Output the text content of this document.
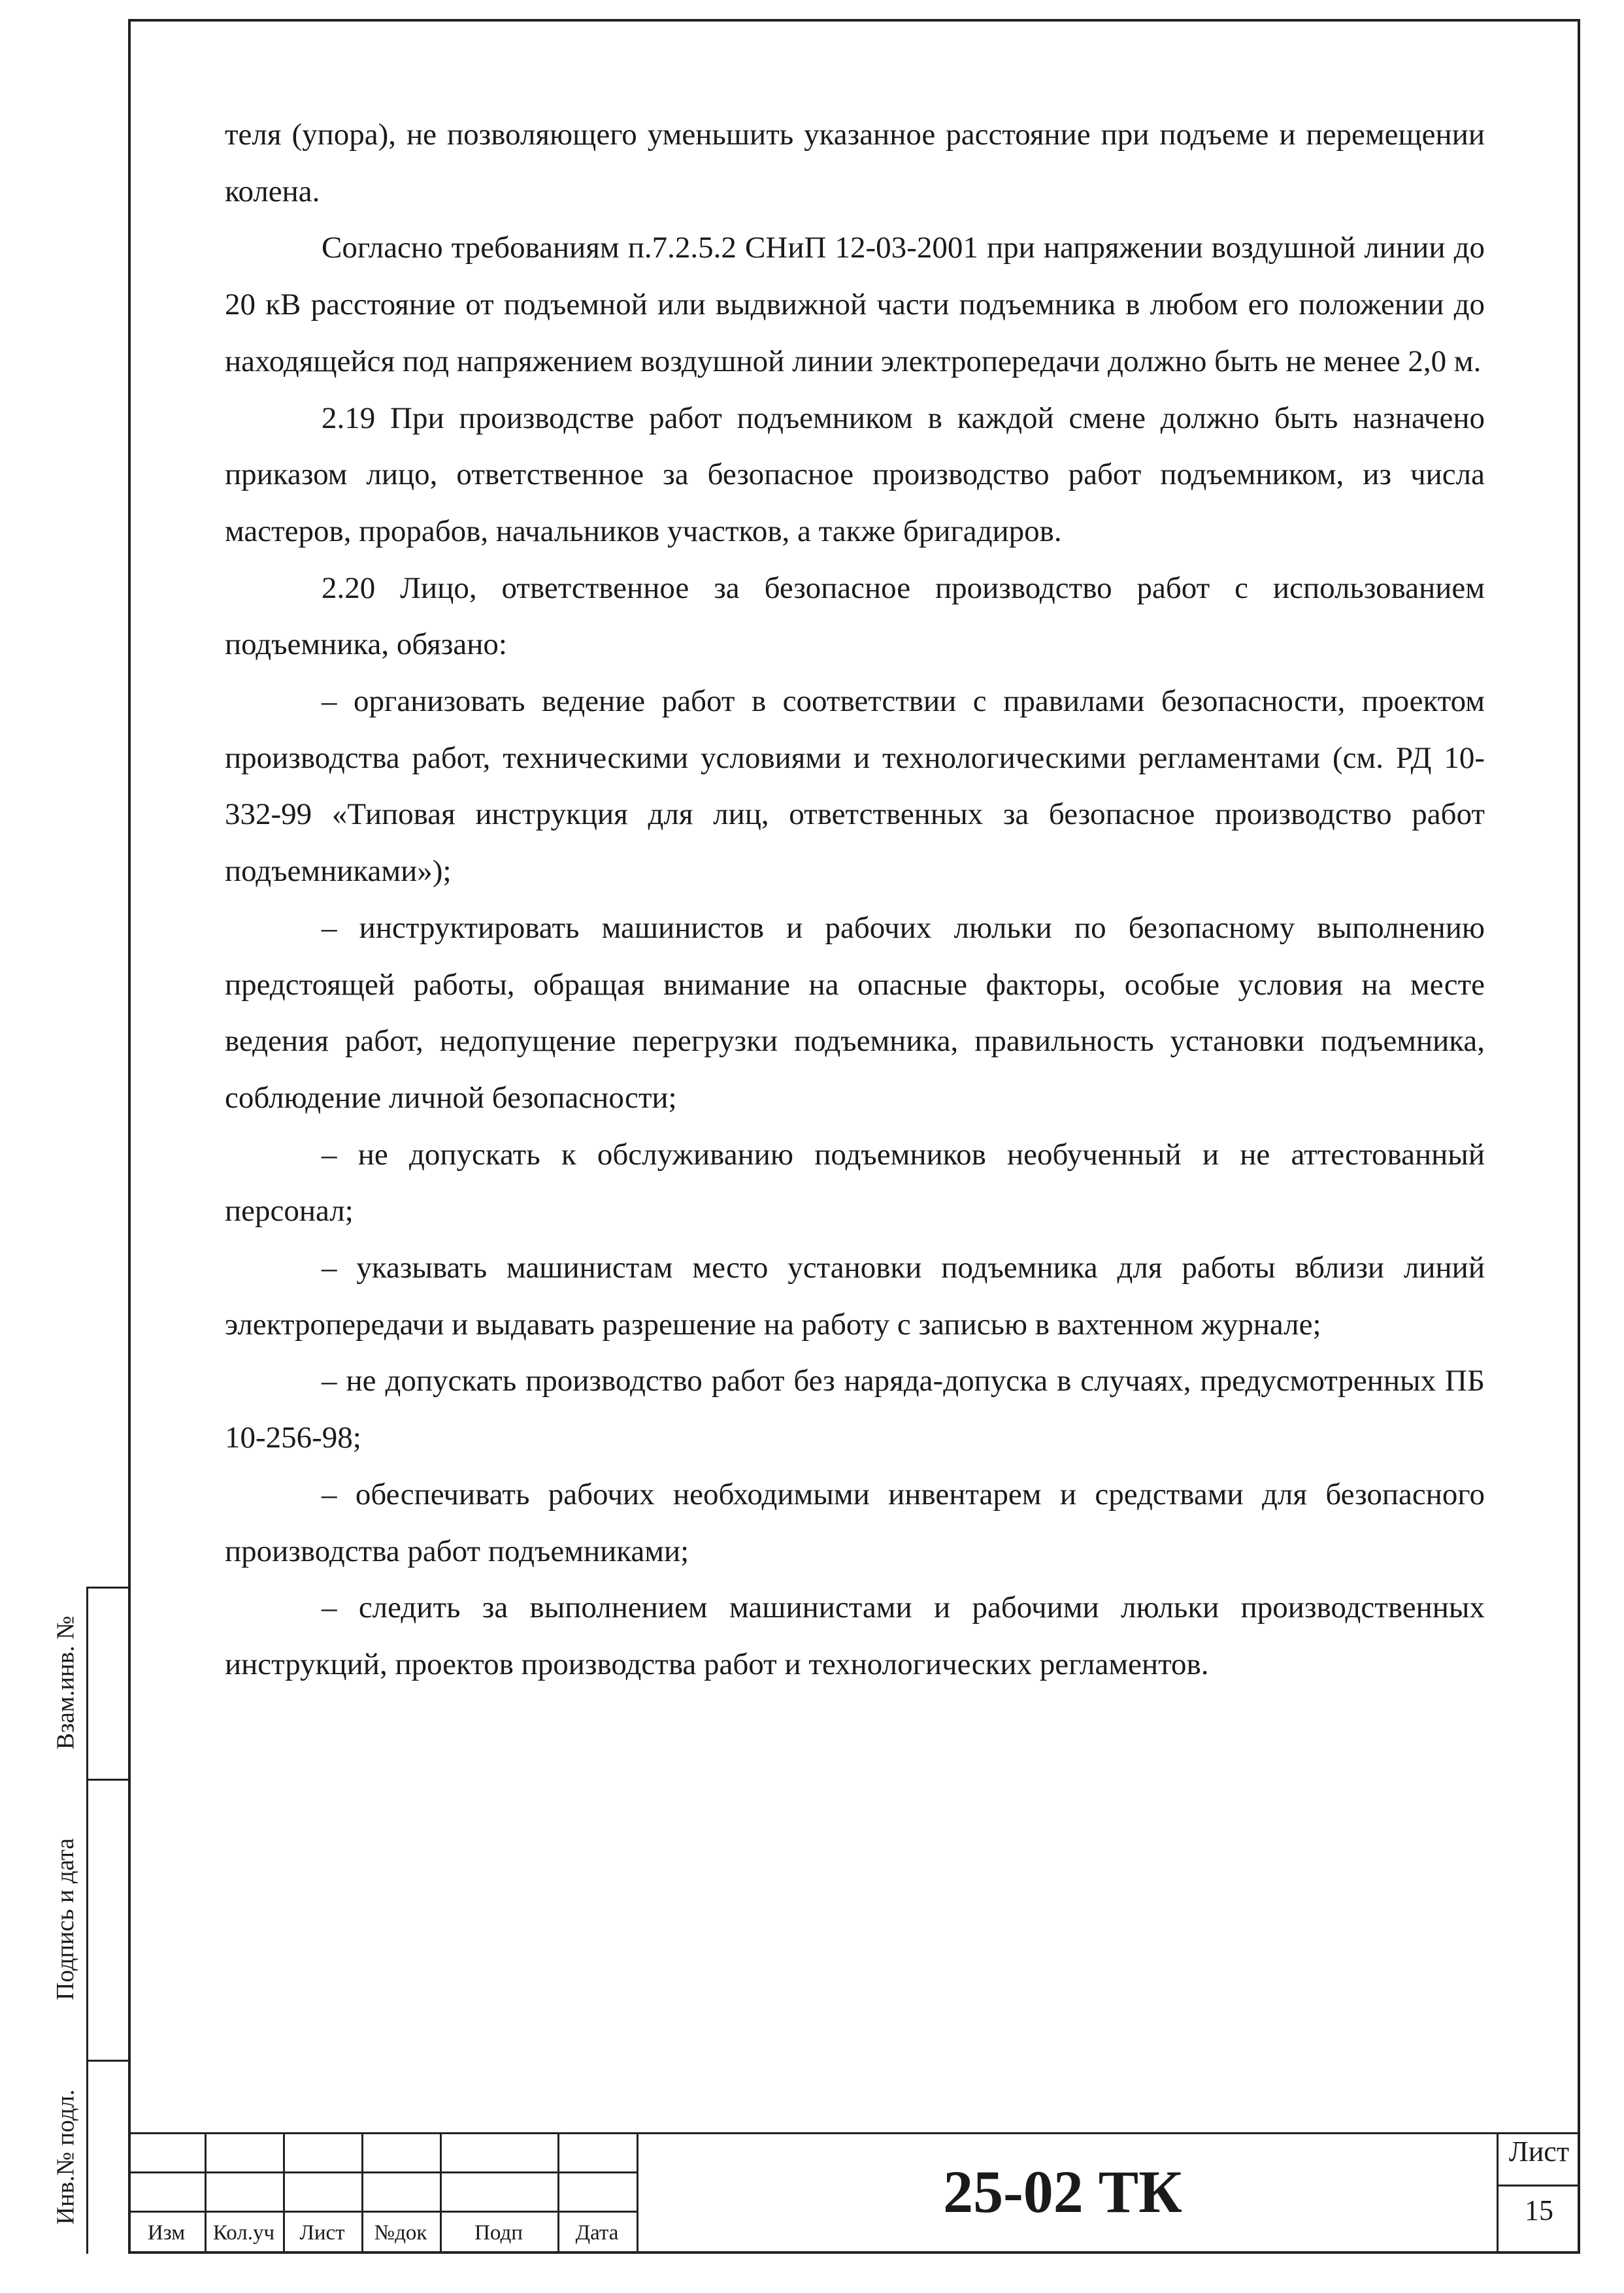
теля (упора), не позволяющего уменьшить указанное расстояние при подъеме и перемещении колена.

Согласно требованиям п.7.2.5.2 СНиП 12-03-2001 при напряжении воздушной линии до 20 кВ расстояние от подъемной или выдвижной части подъемника в любом его положении до находящейся под напряжением воздушной линии электропередачи должно быть не менее 2,0 м.

2.19 При производстве работ подъемником в каждой смене должно быть назначено приказом лицо, ответственное за безопасное производство работ подъемником, из числа мастеров, прорабов, начальников участков, а также бригадиров.

2.20 Лицо, ответственное за безопасное производство работ с использованием подъемника, обязано:

– организовать ведение работ в соответствии с правилами безопасности, проектом производства работ, техническими условиями и технологическими регламентами (см. РД 10-332-99 «Типовая инструкция для лиц, ответственных за безопасное производство работ подъемниками»);

– инструктировать машинистов и рабочих люльки по безопасному выполнению предстоящей работы, обращая внимание на опасные факторы, особые условия на месте ведения работ, недопущение перегрузки подъемника, правильность установки подъемника, соблюдение личной безопасности;

– не допускать к обслуживанию подъемников необученный и не аттестованный персонал;

– указывать машинистам место установки подъемника для работы вблизи линий электропередачи и выдавать разрешение на работу с записью в вахтенном журнале;

– не допускать производство работ без наряда-допуска в случаях, предусмотренных ПБ 10-256-98;

– обеспечивать рабочих необходимыми инвентарем и средствами для безопасного производства работ подъемниками;

– следить за выполнением машинистами и рабочими люльки производственных инструкций, проектов производства работ и технологических регламентов.

Взам.инв. №
Подпись и дата
Инв.№ подл.
Изм	Кол.уч	Лист	№док	Подп	Дата
25-02 ТК
Лист
15
